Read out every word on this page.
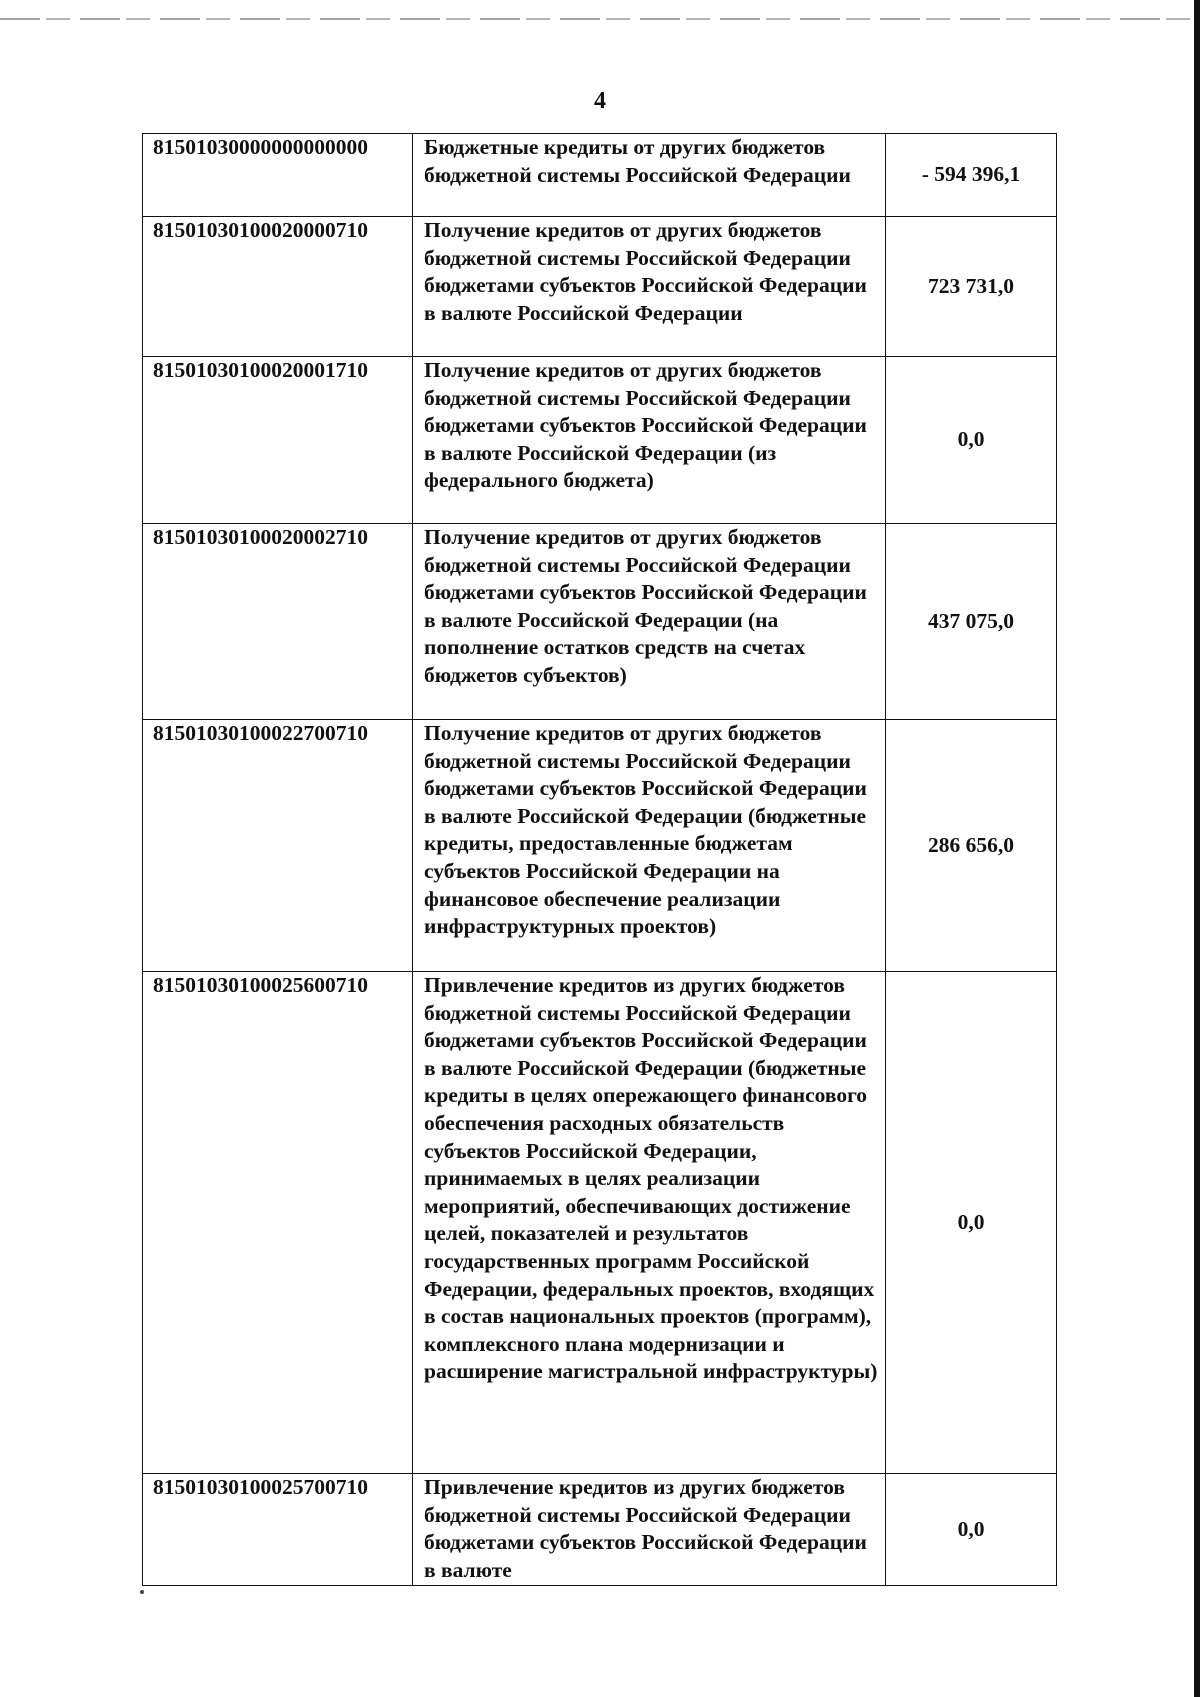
4
81501030000000000000	Бюджетные кредиты от других бюджетов бюджетной системы Российской Федерации	- 594 396,1
81501030100020000710	Получение кредитов от других бюджетов бюджетной системы Российской Федерации бюджетами субъектов Российской Федерации в валюте Российской Федерации	723 731,0
81501030100020001710	Получение кредитов от других бюджетов бюджетной системы Российской Федерации бюджетами субъектов Российской Федерации в валюте Российской Федерации (из федерального бюджета)	0,0
81501030100020002710	Получение кредитов от других бюджетов бюджетной системы Российской Федерации бюджетами субъектов Российской Федерации в валюте Российской Федерации (на пополнение остатков средств на счетах бюджетов субъектов)	437 075,0
81501030100022700710	Получение кредитов от других бюджетов бюджетной системы Российской Федерации бюджетами субъектов Российской Федерации в валюте Российской Федерации (бюджетные кредиты, предоставленные бюджетам субъектов Российской Федерации на финансовое обеспечение реализации инфраструктурных проектов)	286 656,0
81501030100025600710	Привлечение кредитов из других бюджетов бюджетной системы Российской Федерации бюджетами субъектов Российской Федерации в валюте Российской Федерации (бюджетные кредиты в целях опережающего финансового обеспечения расходных обязательств субъектов Российской Федерации, принимаемых в целях реализации мероприятий, обеспечивающих достижение целей, показателей и результатов государственных программ Российской Федерации, федеральных проектов, входящих в состав национальных проектов (программ), комплексного плана модернизации и расширение магистральной инфраструктуры)	0,0
81501030100025700710	Привлечение кредитов из других бюджетов бюджетной системы Российской Федерации бюджетами субъектов Российской Федерации в валюте	0,0
